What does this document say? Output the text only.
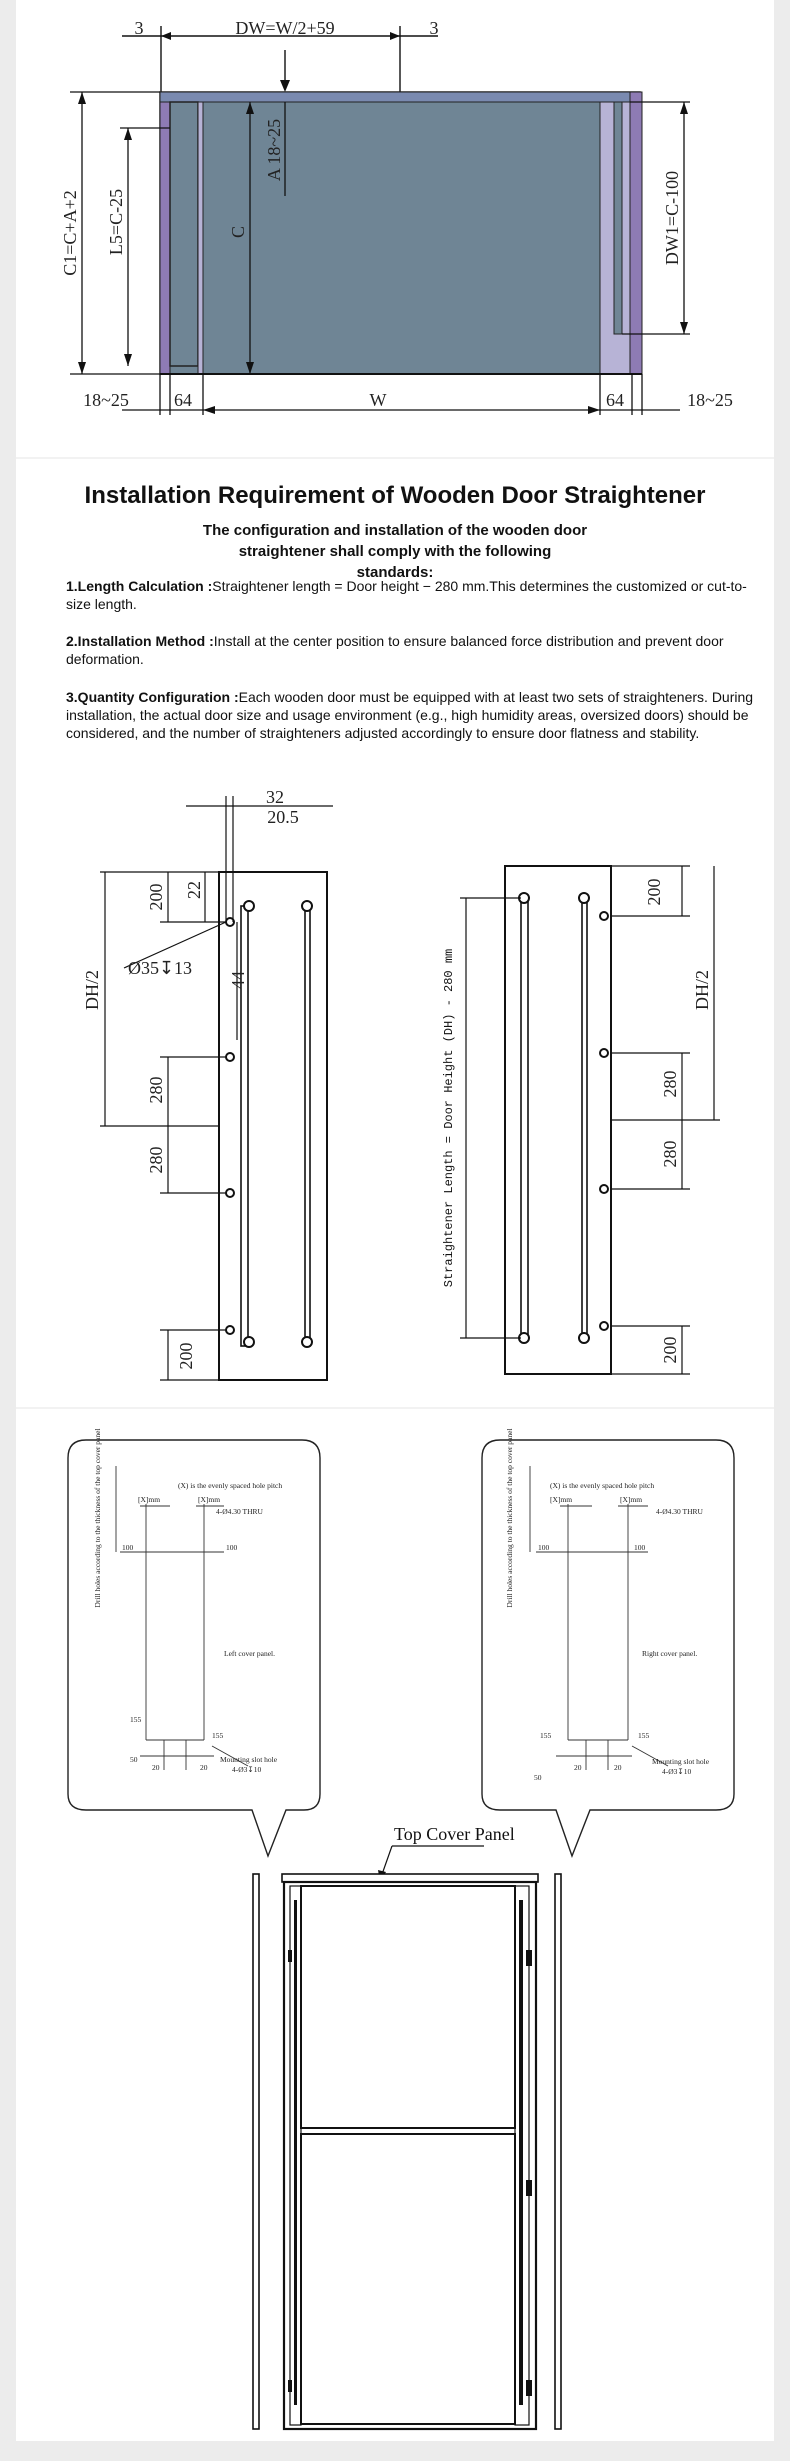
3	DW=W/2+59	3
C1=C+A+2 L5=C-25	C
A 18~25
DW1=C-100
18~25	64	W	64	18~25
Installation Requirement of Wooden Door Straightener
The configuration and installation of the wooden door straightener shall comply with the following standards:
1.Length Calculation :Straightener length = Door height − 280 mm.This determines the customized or cut-to-size length.
2.Installation Method :Install at the center position to ensure balanced force distribution and prevent door deformation.
3.Quantity Configuration :Each wooden door must be equipped with at least two sets of straighteners. During installation, the actual door size and usage environment (e.g., high humidity areas, oversized doors) should be considered, and the number of straighteners adjusted accordingly to ensure door flatness and stability.
32
20.5
200 22
Ø35↧13
44
DH/2
280
280
200
200
DH/2
280
280
200
Straightener Length = Door Height (DH) - 280 mm
Drill holes according to the thickness of the top cover panel	(X) is the evenly spaced hole pitch
[X]mm	[X]mm
4-Ø4.30 THRU
100	100
Left cover panel.
155
155
50
20	20
Mounting slot hole
4-Ø3↧10
Drill holes according to the thickness of the top cover panel	(X) is the evenly spaced hole pitch
[X]mm	[X]mm
4-Ø4.30 THRU
100	100
Right cover panel.
155	155
50
20	20
Mounting slot hole
4-Ø3↧10
Top Cover Panel
